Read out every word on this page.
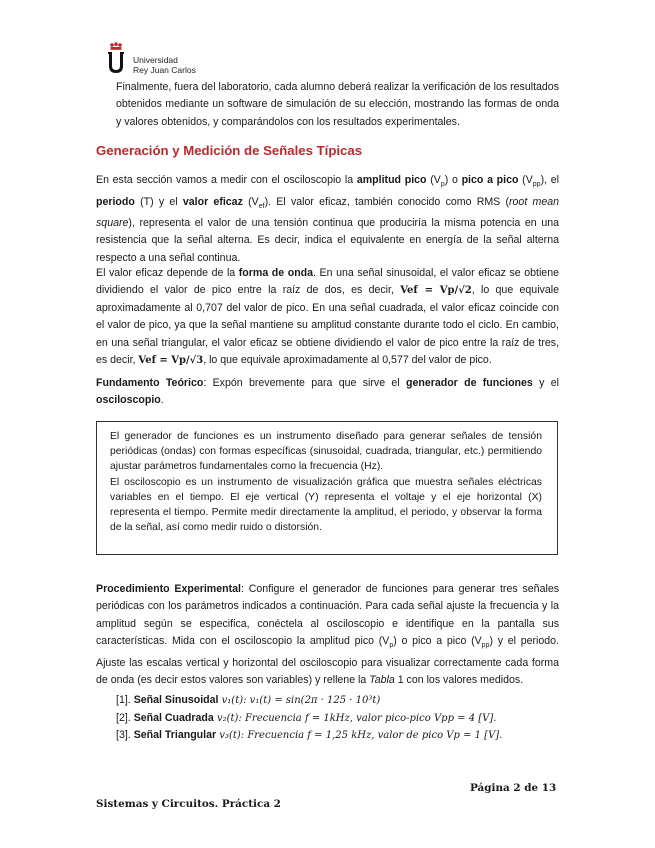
Universidad
Rey Juan Carlos
Finalmente, fuera del laboratorio, cada alumno deberá realizar la verificación de los resultados obtenidos mediante un software de simulación de su elección, mostrando las formas de onda y valores obtenidos, y comparándolos con los resultados experimentales.
Generación y Medición de Señales Típicas
En esta sección vamos a medir con el osciloscopio la amplitud pico $(V_p)$ o pico a pico $(V_{pp})$, el periodo (T) y el valor eficaz $(V_{ef})$. El valor eficaz, también conocido como RMS (root mean square), representa el valor de una tensión continua que produciría la misma potencia en una resistencia que la señal alterna. Es decir, indica el equivalente en energía de la señal alterna respecto a una señal continua.
El valor eficaz depende de la forma de onda. En una señal sinusoidal, el valor eficaz se obtiene dividiendo el valor de pico entre la raíz de dos, es decir, Vef = Vp/√2, lo que equivale aproximadamente al 0,707 del valor de pico. En una señal cuadrada, el valor eficaz coincide con el valor de pico, ya que la señal mantiene su amplitud constante durante todo el ciclo. En cambio, en una señal triangular, el valor eficaz se obtiene dividiendo el valor de pico entre la raíz de tres, es decir, Vef = Vp/√3, lo que equivale aproximadamente al 0,577 del valor de pico.
Fundamento Teórico: Expón brevemente para que sirve el generador de funciones y el osciloscopio.
El generador de funciones es un instrumento diseñado para generar señales de tensión periódicas (ondas) con formas específicas (sinusoidal, cuadrada, triangular, etc.) permitiendo ajustar parámetros fundamentales como la frecuencia (Hz).
El osciloscopio es un instrumento de visualización gráfica que muestra señales eléctricas variables en el tiempo. El eje vertical (Y) representa el voltaje y el eje horizontal (X) representa el tiempo. Permite medir directamente la amplitud, el periodo, y observar la forma de la señal, así como medir ruido o distorsión.
Procedimiento Experimental: Configure el generador de funciones para generar tres señales periódicas con los parámetros indicados a continuación. Para cada señal ajuste la frecuencia y la amplitud según se especifica, conéctela al osciloscopio e identifique en la pantalla sus características. Mida con el osciloscopio la amplitud pico $(V_p)$ o pico a pico $(V_{pp})$ y el periodo. Ajuste las escalas vertical y horizontal del osciloscopio para visualizar correctamente cada forma de onda (es decir estos valores son variables) y rellene la Tabla 1 con los valores medidos.
[1]. Señal Sinusoidal v₁(t): v₁(t) = sin(2π · 125 · 10³t)
[2]. Señal Cuadrada v₂(t): Frecuencia f = 1kHz, valor pico-pico Vpp = 4 [V].
[3]. Señal Triangular v₃(t): Frecuencia f = 1,25 kHz, valor de pico Vp = 1 [V].
Página 2 de 13
Sistemas y Circuitos. Práctica 2
